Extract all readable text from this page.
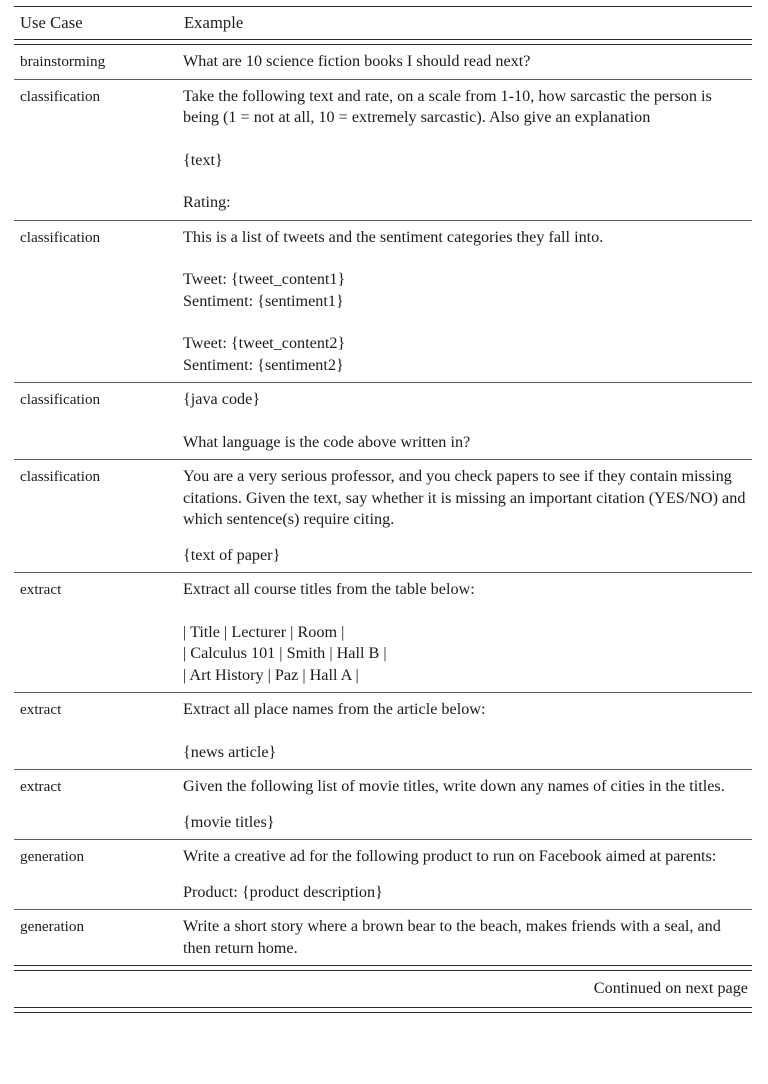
Use Case	Example

brainstorming	What are 10 science fiction books I should read next?

classification	Take the following text and rate, on a scale from 1-10, how sarcastic the person is being (1 = not at all, 10 = extremely sarcastic). Also give an explanation

{text}

Rating:

classification	This is a list of tweets and the sentiment categories they fall into.

Tweet: {tweet_content1}

Sentiment: {sentiment1}

Tweet: {tweet_content2}

Sentiment: {sentiment2}

classification	{java code}

What language is the code above written in?

classification	You are a very serious professor, and you check papers to see if they contain missing citations. Given the text, say whether it is missing an important citation (YES/NO) and which sentence(s) require citing.

{text of paper}

extract	Extract all course titles from the table below:

| Title | Lecturer | Room |

| Calculus 101 | Smith | Hall B |

| Art History | Paz | Hall A |

extract	Extract all place names from the article below:

{news article}

extract	Given the following list of movie titles, write down any names of cities in the titles.

{movie titles}

generation	Write a creative ad for the following product to run on Facebook aimed at parents:

Product: {product description}

generation	Write a short story where a brown bear to the beach, makes friends with a seal, and then return home.

Continued on next page	
